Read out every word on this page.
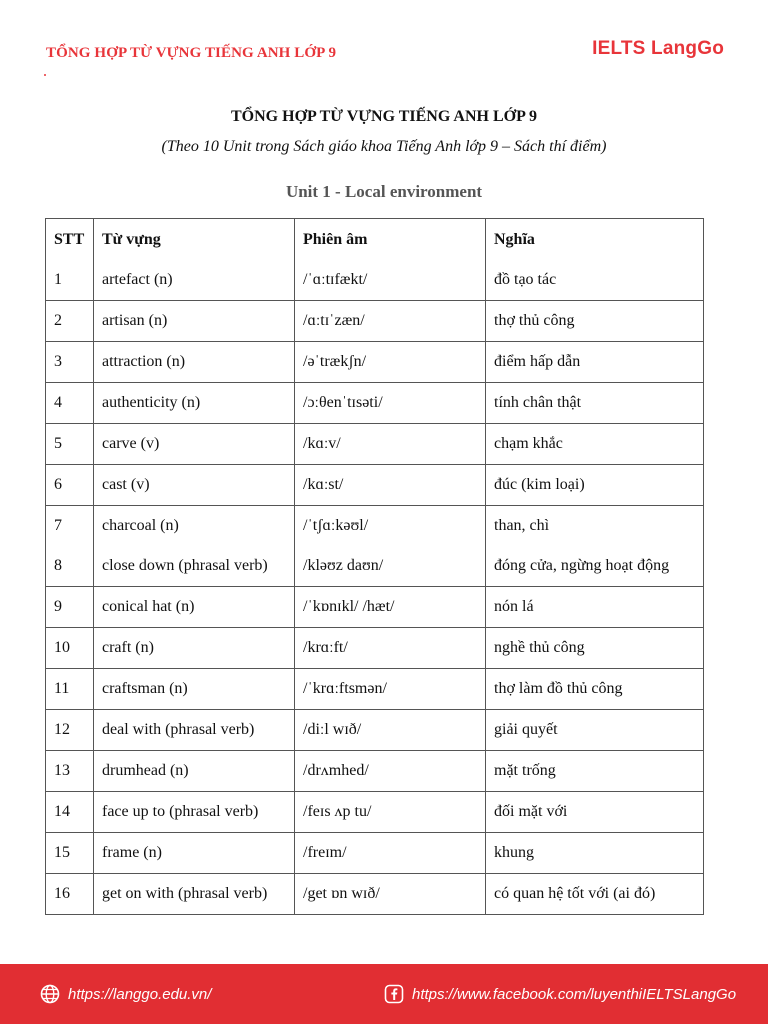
TỔNG HỢP TỪ VỰNG TIẾNG ANH LỚP 9	IELTS LangGo
TỔNG HỢP TỪ VỰNG TIẾNG ANH LỚP 9
(Theo 10 Unit trong Sách giáo khoa Tiếng Anh lớp 9 – Sách thí điểm)
Unit 1 - Local environment
STT	Từ vựng	Phiên âm	Nghĩa
1	artefact (n)	/ˈɑːtɪfækt/	đồ tạo tác
2	artisan (n)	/ɑːtɪˈzæn/	thợ thủ công
3	attraction (n)	/əˈtrækʃn/	điểm hấp dẫn
4	authenticity (n)	/ɔːθenˈtɪsəti/	tính chân thật
5	carve (v)	/kɑːv/	chạm khắc
6	cast (v)	/kɑːst/	đúc (kim loại)
7	charcoal (n)	/ˈtʃɑːkəʊl/	than, chì
8	close down (phrasal verb)	/kləʊz daʊn/	đóng cửa, ngừng hoạt động
9	conical hat (n)	/ˈkɒnɪkl/ /hæt/	nón lá
10	craft (n)	/krɑːft/	nghề thủ công
11	craftsman (n)	/ˈkrɑːftsmən/	thợ làm đồ thủ công
12	deal with (phrasal verb)	/diːl wɪð/	giải quyết
13	drumhead (n)	/drʌmhed/	mặt trống
14	face up to (phrasal verb)	/feɪs ʌp tu/	đối mặt với
15	frame (n)	/freɪm/	khung
16	get on with (phrasal verb)	/get ɒn wɪð/	có quan hệ tốt với (ai đó)
https://langgo.edu.vn/	https://www.facebook.com/luyenthiIELTSLangGo
